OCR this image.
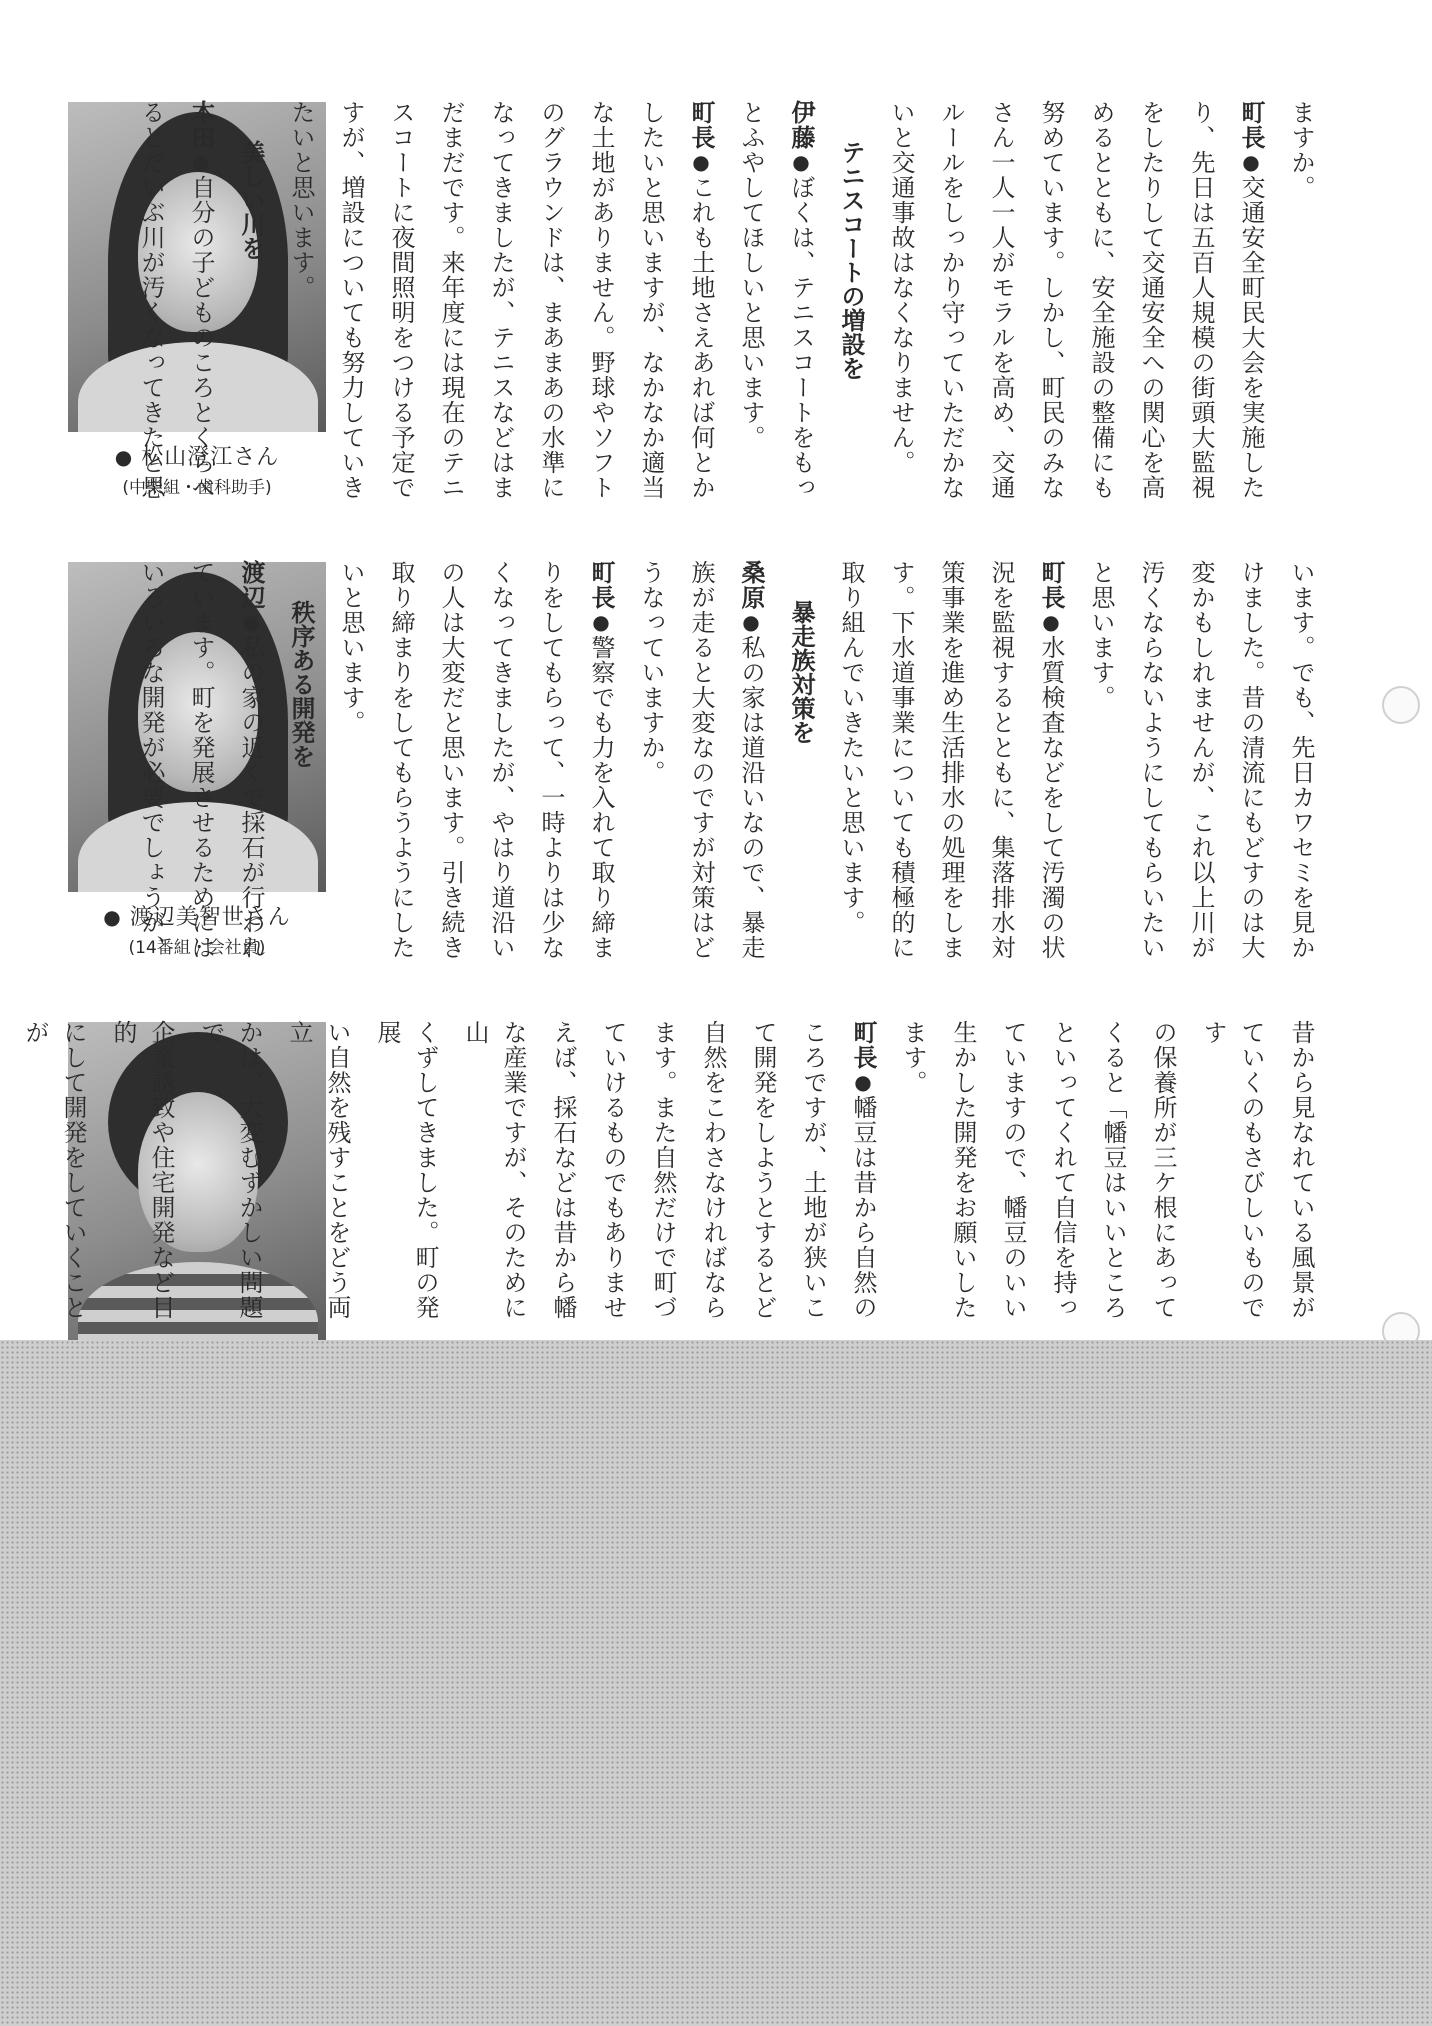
● 松山澄江さん
(中柴組・歯科助手)
ますか。
町長●交通安全町民大会を実施した
り、先日は五百人規模の街頭大監視
をしたりして交通安全への関心を高
めるとともに、安全施設の整備にも
努めています。しかし、町民のみな
さん一人一人がモラルを高め、交通
ルールをしっかり守っていただかな
いと交通事故はなくなりません。
テニスコートの増設を
伊藤●ぼくは、テニスコートをもっ
とふやしてほしいと思います。
町長●これも土地さえあれば何とか
したいと思いますが、なかなか適当
な土地がありません。野球やソフト
のグラウンドは、まあまあの水準に
なってきましたが、テニスなどはま
だまだです。来年度には現在のテニ
スコートに夜間照明をつける予定で
すが、増設についても努力していき
たいと思います。
美しい川を
本田●自分の子どものころとくらべ
るとだいぶ川が汚くなってきたと思
● 渡辺美智世さん
(14番組・会社員)	います。でも、先日カワセミを見か
けました。昔の清流にもどすのは大
変かもしれませんが、これ以上川が
汚くならないようにしてもらいたい
と思います。
町長●水質検査などをして汚濁の状
況を監視するとともに、集落排水対
策事業を進め生活排水の処理をしま
す。下水道事業についても積極的に
取り組んでいきたいと思います。
暴走族対策を
桑原●私の家は道沿いなので、暴走
族が走ると大変なのですが対策はど
うなっていますか。
町長●警察でも力を入れて取り締ま
りをしてもらって、一時よりは少な
くなってきましたが、やはり道沿い
の人は大変だと思います。引き続き
取り締まりをしてもらうようにした
いと思います。
秩序ある開発を
渡辺●私の家の近くで採石が行われ
ています。町を発展させるためには
いろいろな開発が必要でしょうが、
昔から見なれている風景が
ていくのもさびしいものです
の保養所が三ケ根にあって
くると「幡豆はいいところ
といってくれて自信を持っ
ていますので、幡豆のいい
生かした開発をお願いした
ます。
町長●幡豆は昔から自然の
ころですが、土地が狭いこ
て開発をしようとするとど
自然をこわさなければなら
ます。また自然だけで町づ
ていけるものでもありませ
えば、採石などは昔から幡
な産業ですが、そのために山
くずしてきました。町の発展
い自然を残すことをどう両立
かは、大変むずかしい問題で
企業誘致や住宅開発など目的
にして開発をしていくことが
